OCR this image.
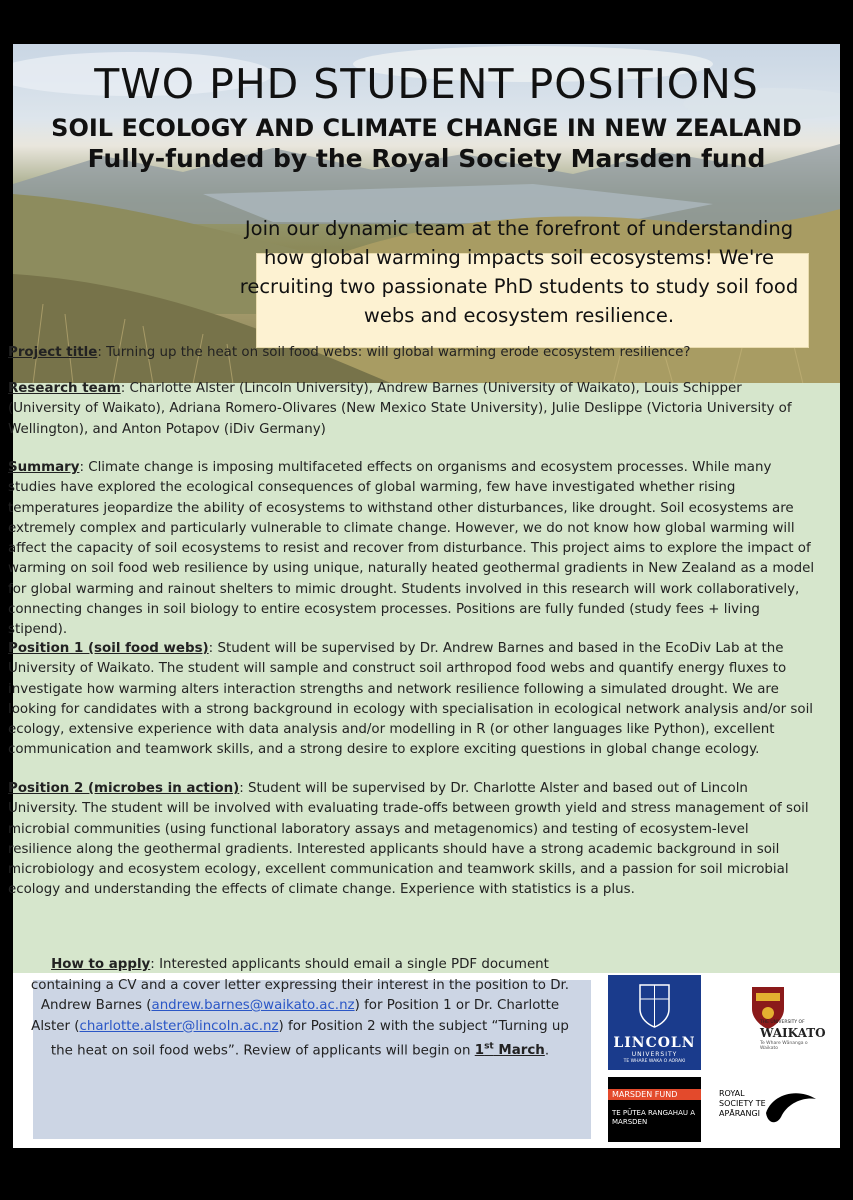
TWO PHD STUDENT POSITIONS
SOIL ECOLOGY AND CLIMATE CHANGE IN NEW ZEALAND
Fully-funded by the Royal Society Marsden fund
LINCOLN
UNIVERSITY
TE WHARE WAKA O AORAKI
THE UNIVERSITY OF
WAIKATO
Te Whare Wānanga o Waikato
MARSDEN FUND
TE PŪTEA RANGAHAU A MARSDEN
ROYAL SOCIETY TE APĀRANGI

Join our dynamic team at the forefront of understanding how global warming impacts soil ecosystems! We're recruiting two passionate PhD students to study soil food webs and ecosystem resilience.

Project title: Turning up the heat on soil food webs: will global warming erode ecosystem resilience?

Research team: Charlotte Alster (Lincoln University), Andrew Barnes (University of Waikato), Louis Schipper (University of Waikato), Adriana Romero-Olivares (New Mexico State University), Julie Deslippe (Victoria University of Wellington), and Anton Potapov (iDiv Germany)

Summary: Climate change is imposing multifaceted effects on organisms and ecosystem processes. While many studies have explored the ecological consequences of global warming, few have investigated whether rising temperatures jeopardize the ability of ecosystems to withstand other disturbances, like drought. Soil ecosystems are extremely complex and particularly vulnerable to climate change. However, we do not know how global warming will affect the capacity of soil ecosystems to resist and recover from disturbance. This project aims to explore the impact of warming on soil food web resilience by using unique, naturally heated geothermal gradients in New Zealand as a model for global warming and rainout shelters to mimic drought. Students involved in this research will work collaboratively, connecting changes in soil biology to entire ecosystem processes. Positions are fully funded (study fees + living stipend).

Position 1 (soil food webs): Student will be supervised by Dr. Andrew Barnes and based in the EcoDiv Lab at the University of Waikato. The student will sample and construct soil arthropod food webs and quantify energy fluxes to investigate how warming alters interaction strengths and network resilience following a simulated drought. We are looking for candidates with a strong background in ecology with specialisation in ecological network analysis and/or soil ecology, extensive experience with data analysis and/or modelling in R (or other languages like Python), excellent communication and teamwork skills, and a strong desire to explore exciting questions in global change ecology.

Position 2 (microbes in action): Student will be supervised by Dr. Charlotte Alster and based out of Lincoln University. The student will be involved with evaluating trade-offs between growth yield and stress management of soil microbial communities (using functional laboratory assays and metagenomics) and testing of ecosystem-level resilience along the geothermal gradients. Interested applicants should have a strong academic background in soil microbiology and ecosystem ecology, excellent communication and teamwork skills, and a passion for soil microbial ecology and understanding the effects of climate change. Experience with statistics is a plus.

How to apply: Interested applicants should email a single PDF document containing a CV and a cover letter expressing their interest in the position to Dr. Andrew Barnes (andrew.barnes@waikato.ac.nz) for Position 1 or Dr. Charlotte Alster (charlotte.alster@lincoln.ac.nz) for Position 2 with the subject “Turning up the heat on soil food webs”. Review of applicants will begin on 1st March.
